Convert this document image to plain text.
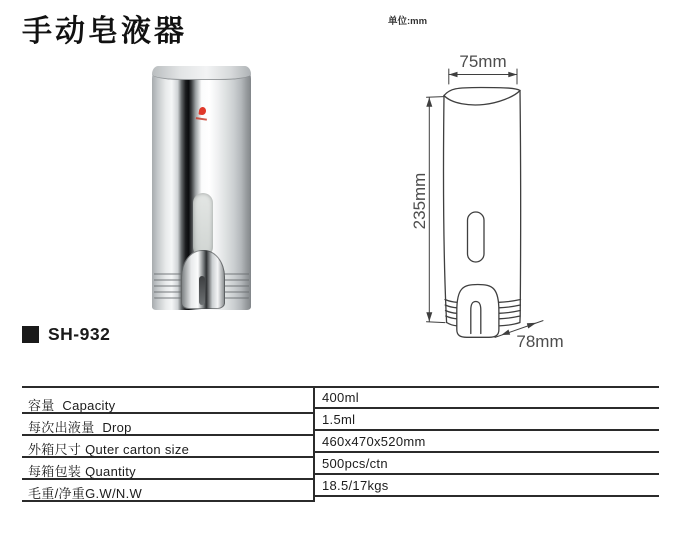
手动皂液器	单位:mm
75mm
235mm
78mm
SH-932
容量  Capacity
每次出液量  Drop
外箱尺寸 Quter carton size
每箱包装 Quantity
毛重/净重G.W/N.W
400ml
1.5ml
460x470x520mm
500pcs/ctn
18.5/17kgs
